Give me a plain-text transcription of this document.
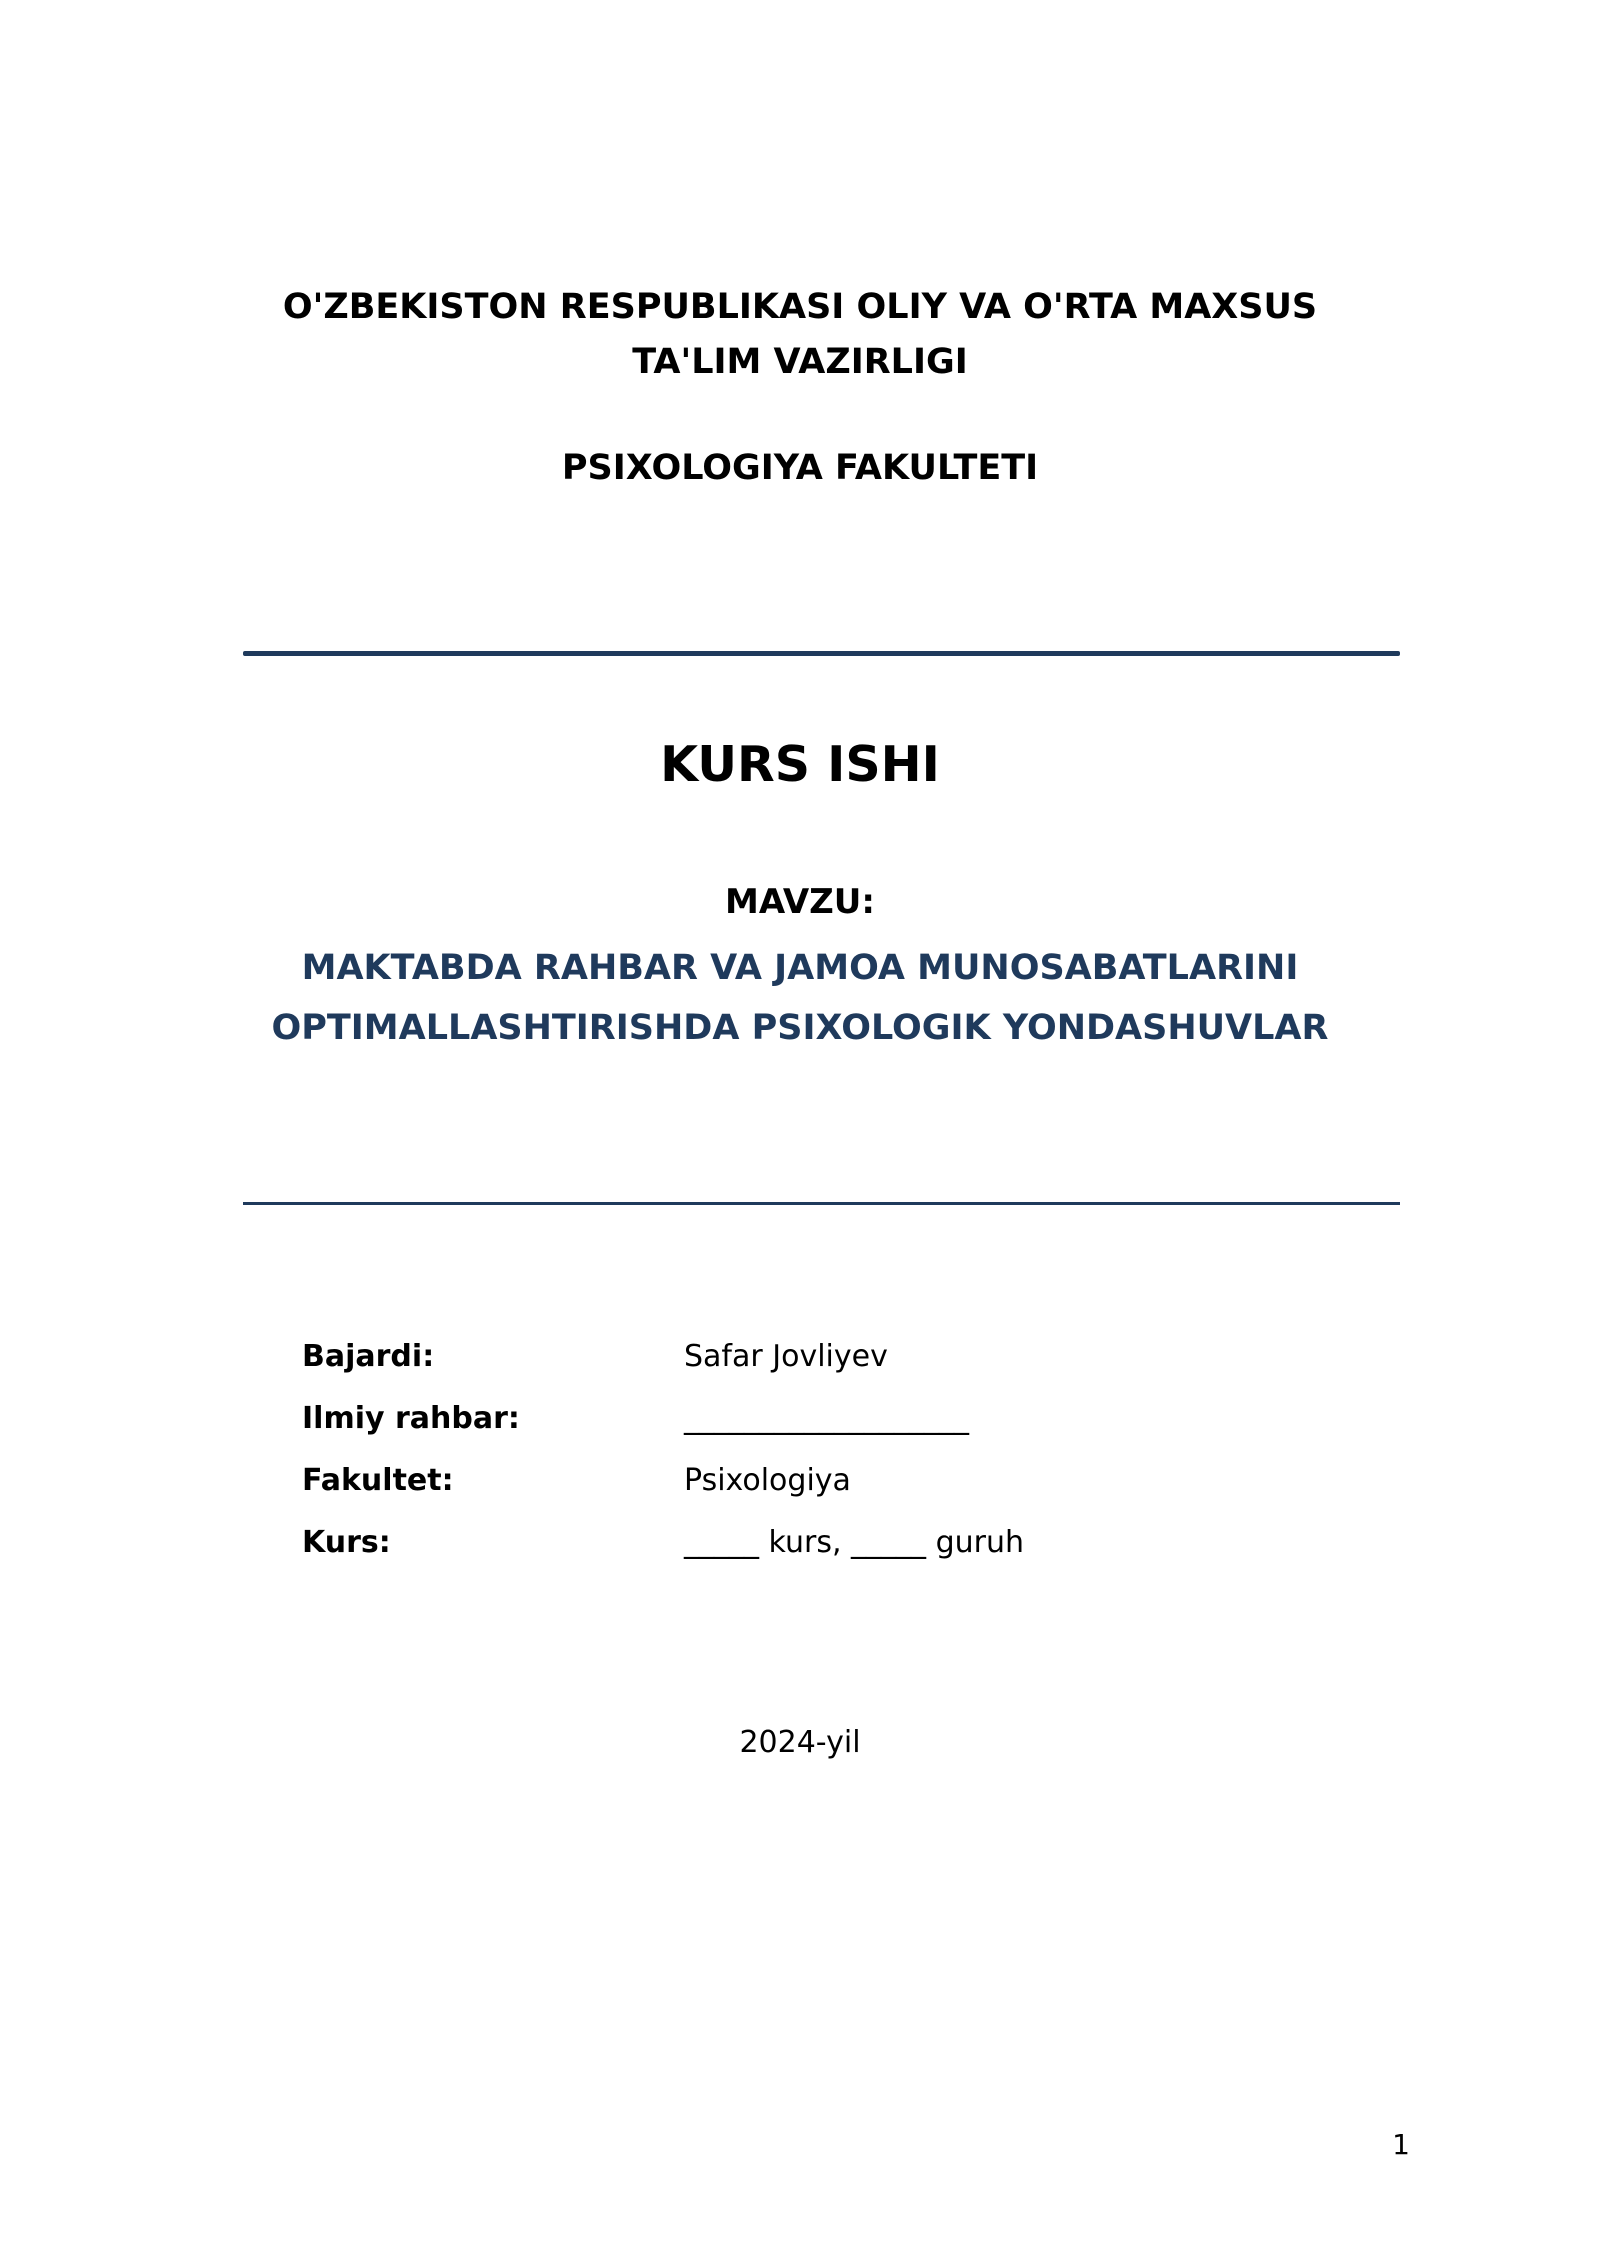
O'ZBEKISTON RESPUBLIKASI OLIY VA O'RTA MAXSUS
TA'LIM VAZIRLIGI
PSIXOLOGIYA FAKULTETI
KURS ISHI
MAVZU:
MAKTABDA RAHBAR VA JAMOA MUNOSABATLARINI
OPTIMALLASHTIRISHDA PSIXOLOGIK YONDASHUVLAR
Bajardi:	Safar Jovliyev
Ilmiy rahbar:	___________________
Fakultet:	Psixologiya
Kurs:	_____ kurs, _____ guruh
2024-yil
1
